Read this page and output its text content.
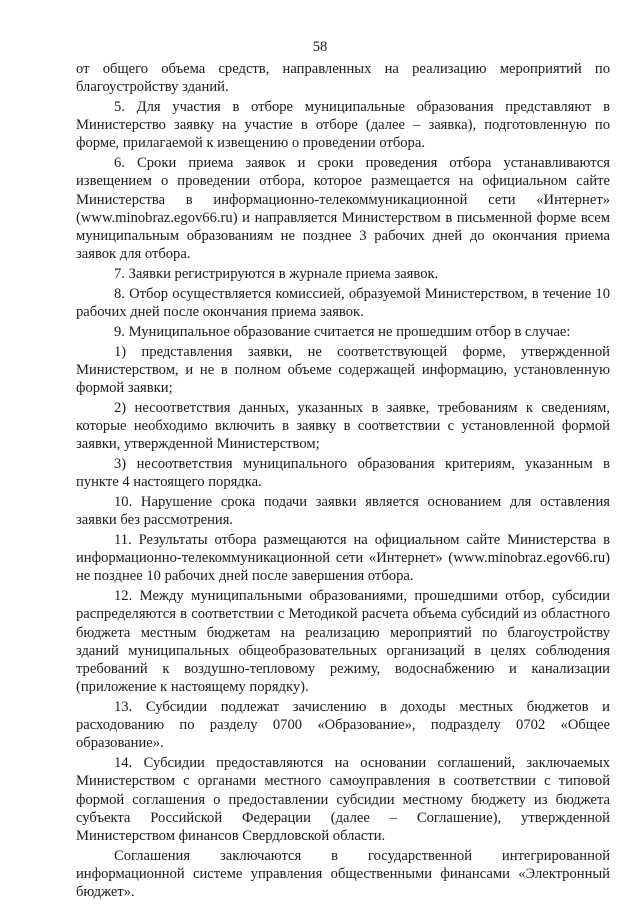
58

от общего объема средств, направленных на реализацию мероприятий по благоустройству зданий.

5. Для участия в отборе муниципальные образования представляют в Министерство заявку на участие в отборе (далее – заявка), подготовленную по форме, прилагаемой к извещению о проведении отбора.

6. Сроки приема заявок и сроки проведения отбора устанавливаются извещением о проведении отбора, которое размещается на официальном сайте Министерства в информационно-телекоммуникационной сети «Интернет» (www.minobraz.egov66.ru) и направляется Министерством в письменной форме всем муниципальным образованиям не позднее 3 рабочих дней до окончания приема заявок для отбора.

7. Заявки регистрируются в журнале приема заявок.

8. Отбор осуществляется комиссией, образуемой Министерством, в течение 10 рабочих дней после окончания приема заявок.

9. Муниципальное образование считается не прошедшим отбор в случае:

1) представления заявки, не соответствующей форме, утвержденной Министерством, и не в полном объеме содержащей информацию, установленную формой заявки;

2) несоответствия данных, указанных в заявке, требованиям к сведениям, которые необходимо включить в заявку в соответствии с установленной формой заявки, утвержденной Министерством;

3) несоответствия муниципального образования критериям, указанным в пункте 4 настоящего порядка.

10. Нарушение срока подачи заявки является основанием для оставления заявки без рассмотрения.

11. Результаты отбора размещаются на официальном сайте Министерства в информационно-телекоммуникационной сети «Интернет» (www.minobraz.egov66.ru) не позднее 10 рабочих дней после завершения отбора.

12. Между муниципальными образованиями, прошедшими отбор, субсидии распределяются в соответствии с Методикой расчета объема субсидий из областного бюджета местным бюджетам на реализацию мероприятий по благоустройству зданий муниципальных общеобразовательных организаций в целях соблюдения требований к воздушно-тепловому режиму, водоснабжению и канализации (приложение к настоящему порядку).

13. Субсидии подлежат зачислению в доходы местных бюджетов и расходованию по разделу 0700 «Образование», подразделу 0702 «Общее образование».

14. Субсидии предоставляются на основании соглашений, заключаемых Министерством с органами местного самоуправления в соответствии с типовой формой соглашения о предоставлении субсидии местному бюджету из бюджета субъекта Российской Федерации (далее – Соглашение), утвержденной Министерством финансов Свердловской области.

Соглашения заключаются в государственной интегрированной информационной системе управления общественными финансами «Электронный бюджет».
